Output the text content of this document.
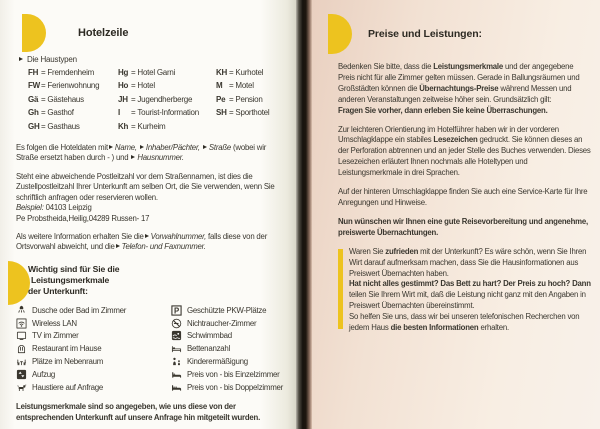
Hotelzeile
Die Haustypen
FH = Fremdenheim
FW= Ferienwohnung
Gä = Gästehaus
Gh = Gasthof
GH = Gasthaus
Hg = Hotel Garni
Ho = Hotel
JH = Jugendherberge
I = Tourist-Information
Kh = Kurheim
KH = Kurhotel
M = Motel
Pe = Pension
SH = Sporthotel

Es folgen die Hoteldaten mit Name, Inhaber/Pächter, Straße (wobei wir Straße ersetzt haben durch - ) und Hausnummer.

Steht eine abweichende Postleitzahl vor dem Straßennamen, ist dies die Zustellpostleitzahl Ihrer Unterkunft am selben Ort, die Sie verwenden, wenn Sie schriftlich anfragen oder reservieren wollen.
Beispiel: 04103 Leipzig
Pe Probstheida,Heilig,04289 Russen- 17

Als weitere Information erhalten Sie die Vorwahlnummer, falls diese von der Ortsvorwahl abweicht, und die Telefon- und Faxnummer.

Wichtig sind für Sie die
Leistungsmerkmale
der Unterkunft:
Dusche oder Bad im Zimmer
Wireless LAN
TV im Zimmer
Restaurant im Hause
Plätze im Nebenraum
Aufzug
Haustiere auf Anfrage
P Geschützte PKW-Plätze
Nichtraucher-Zimmer
Schwimmbad
Bettenanzahl
Kinderermäßigung
Preis von - bis Einzelzimmer
Preis von - bis Doppelzimmer

Leistungsmerkmale sind so angegeben, wie uns diese von der entsprechenden Unterkunft auf unsere Anfrage hin mitgeteilt wurden.

Preise und Leistungen:

Bedenken Sie bitte, dass die Leistungsmerkmale und der angegebene Preis nicht für alle Zimmer gelten müssen. Gerade in Ballungsräumen und Großstädten können die Übernachtungs-Preise während Messen und anderen Veranstaltungen zeitweise höher sein. Grundsätzlich gilt:
Fragen Sie vorher, dann erleben Sie keine Überraschungen.

Zur leichteren Orientierung im Hotelführer haben wir in der vorderen Umschlagklappe ein stabiles Lesezeichen gedruckt. Sie können dieses an der Perforation abtrennen und an jeder Stelle des Buches verwenden. Dieses Lesezeichen erläutert Ihnen nochmals alle Hoteltypen und Leistungsmerkmale in drei Sprachen.

Auf der hinteren Umschlagklappe finden Sie auch eine Service-Karte für Ihre Anregungen und Hinweise.

Nun wünschen wir Ihnen eine gute Reisevorbereitung und angenehme, preiswerte Übernachtungen.

Waren Sie zufrieden mit der Unterkunft? Es wäre schön, wenn Sie Ihren Wirt darauf aufmerksam machen, dass Sie die Hausinformationen aus Preiswert Übernachten haben.
Hat nicht alles gestimmt? Das Bett zu hart? Der Preis zu hoch? Dann teilen Sie Ihrem Wirt mit, daß die Leistung nicht ganz mit den Angaben in Preiswert Übernachten übereinstimmt.
So helfen Sie uns, dass wir bei unseren telefonischen Recherchen von jedem Haus die besten Informationen erhalten.
